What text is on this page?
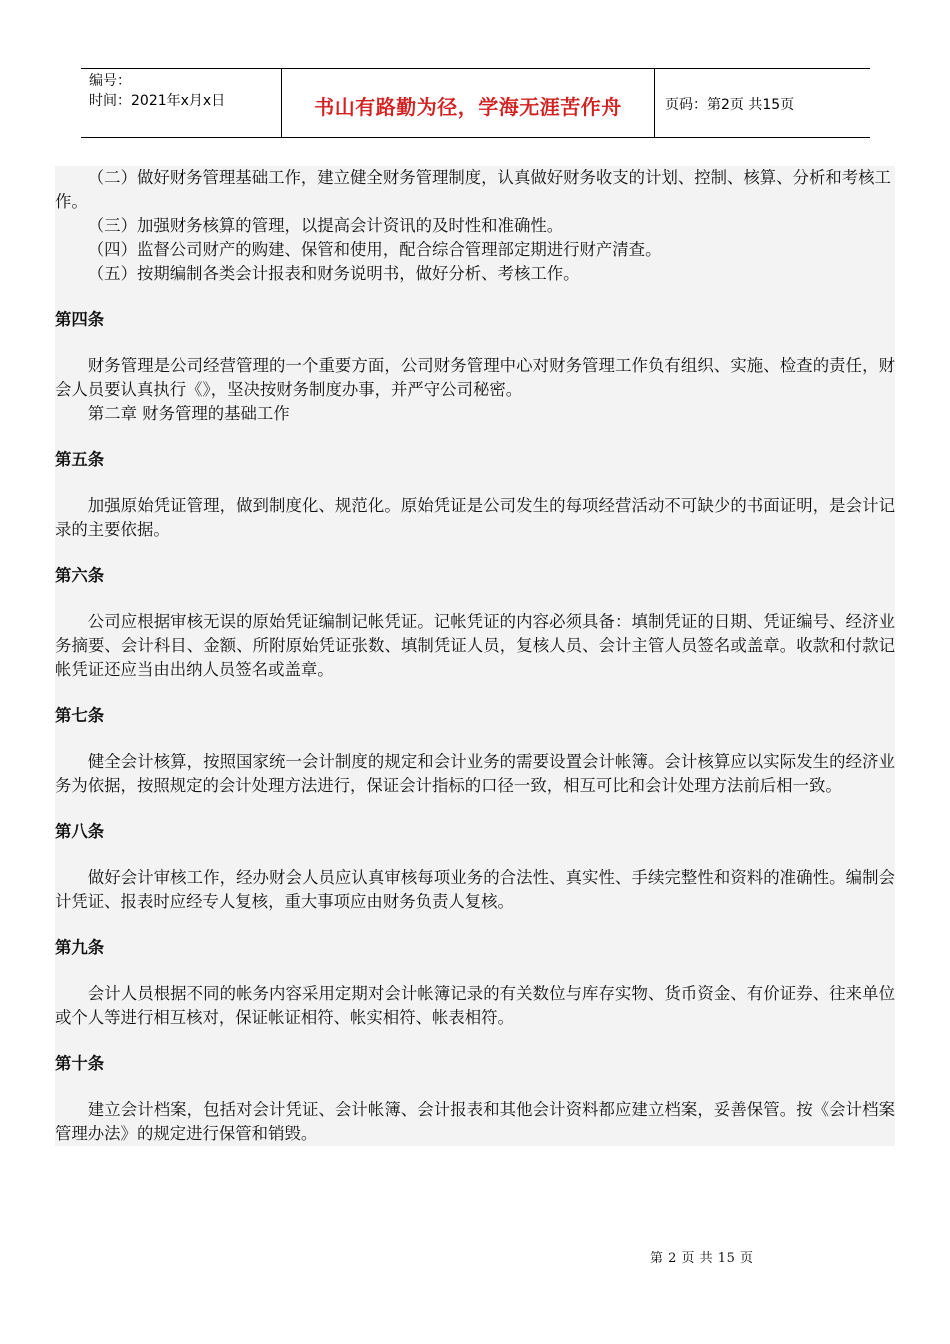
编号：
时间：2021年x月x日	书山有路勤为径，学海无涯苦作舟	页码：第2页 共15页

（二）做好财务管理基础工作，建立健全财务管理制度，认真做好财务收支的计划、控制、核算、分析和考核工作。

（三）加强财务核算的管理，以提高会计资讯的及时性和准确性。

（四）监督公司财产的购建、保管和使用，配合综合管理部定期进行财产清查。

（五）按期编制各类会计报表和财务说明书，做好分析、考核工作。

第四条

财务管理是公司经营管理的一个重要方面，公司财务管理中心对财务管理工作负有组织、实施、检查的责任，财会人员要认真执行《》，坚决按财务制度办事，并严守公司秘密。

第二章 财务管理的基础工作

第五条

加强原始凭证管理，做到制度化、规范化。原始凭证是公司发生的每项经营活动不可缺少的书面证明，是会计记录的主要依据。

第六条

公司应根据审核无误的原始凭证编制记帐凭证。记帐凭证的内容必须具备：填制凭证的日期、凭证编号、经济业务摘要、会计科目、金额、所附原始凭证张数、填制凭证人员，复核人员、会计主管人员签名或盖章。收款和付款记帐凭证还应当由出纳人员签名或盖章。

第七条

健全会计核算，按照国家统一会计制度的规定和会计业务的需要设置会计帐簿。会计核算应以实际发生的经济业务为依据，按照规定的会计处理方法进行，保证会计指标的口径一致，相互可比和会计处理方法前后相一致。

第八条

做好会计审核工作，经办财会人员应认真审核每项业务的合法性、真实性、手续完整性和资料的准确性。编制会计凭证、报表时应经专人复核，重大事项应由财务负责人复核。

第九条

会计人员根据不同的帐务内容采用定期对会计帐簿记录的有关数位与库存实物、货币资金、有价证券、往来单位或个人等进行相互核对，保证帐证相符、帐实相符、帐表相符。

第十条

建立会计档案，包括对会计凭证、会计帐簿、会计报表和其他会计资料都应建立档案，妥善保管。按《会计档案管理办法》的规定进行保管和销毁。

第 2 页 共 15 页
